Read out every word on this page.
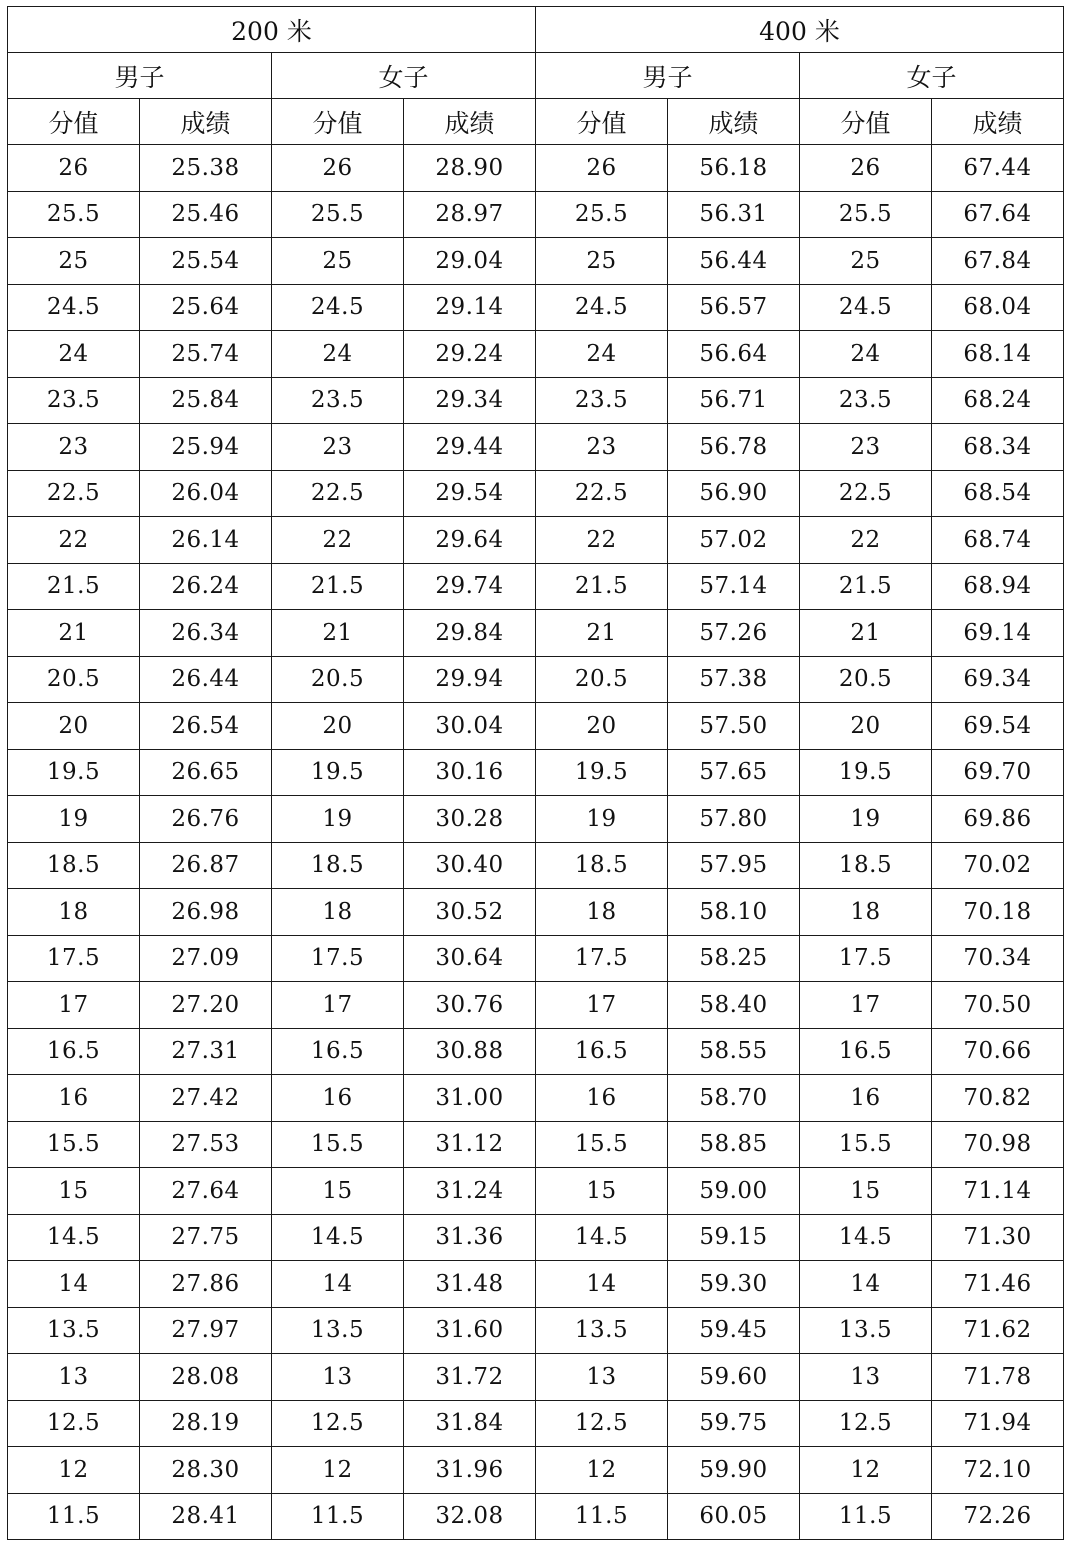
200 米				400 米			
男子		女子		男子		女子	
分值	成绩	分值	成绩	分值	成绩	分值	成绩
26	25.38	26	28.90	26	56.18	26	67.44
25.5	25.46	25.5	28.97	25.5	56.31	25.5	67.64
25	25.54	25	29.04	25	56.44	25	67.84
24.5	25.64	24.5	29.14	24.5	56.57	24.5	68.04
24	25.74	24	29.24	24	56.64	24	68.14
23.5	25.84	23.5	29.34	23.5	56.71	23.5	68.24
23	25.94	23	29.44	23	56.78	23	68.34
22.5	26.04	22.5	29.54	22.5	56.90	22.5	68.54
22	26.14	22	29.64	22	57.02	22	68.74
21.5	26.24	21.5	29.74	21.5	57.14	21.5	68.94
21	26.34	21	29.84	21	57.26	21	69.14
20.5	26.44	20.5	29.94	20.5	57.38	20.5	69.34
20	26.54	20	30.04	20	57.50	20	69.54
19.5	26.65	19.5	30.16	19.5	57.65	19.5	69.70
19	26.76	19	30.28	19	57.80	19	69.86
18.5	26.87	18.5	30.40	18.5	57.95	18.5	70.02
18	26.98	18	30.52	18	58.10	18	70.18
17.5	27.09	17.5	30.64	17.5	58.25	17.5	70.34
17	27.20	17	30.76	17	58.40	17	70.50
16.5	27.31	16.5	30.88	16.5	58.55	16.5	70.66
16	27.42	16	31.00	16	58.70	16	70.82
15.5	27.53	15.5	31.12	15.5	58.85	15.5	70.98
15	27.64	15	31.24	15	59.00	15	71.14
14.5	27.75	14.5	31.36	14.5	59.15	14.5	71.30
14	27.86	14	31.48	14	59.30	14	71.46
13.5	27.97	13.5	31.60	13.5	59.45	13.5	71.62
13	28.08	13	31.72	13	59.60	13	71.78
12.5	28.19	12.5	31.84	12.5	59.75	12.5	71.94
12	28.30	12	31.96	12	59.90	12	72.10
11.5	28.41	11.5	32.08	11.5	60.05	11.5	72.26
